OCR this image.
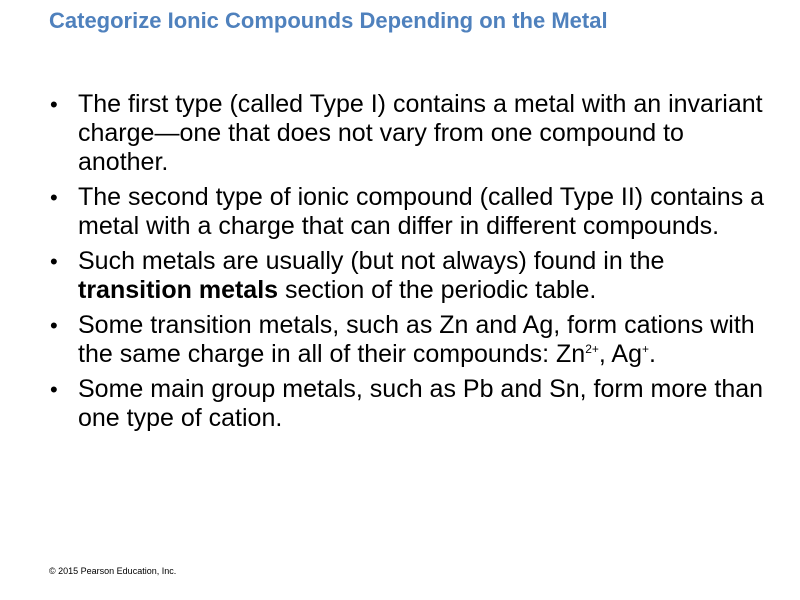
Categorize Ionic Compounds Depending on the Metal
• The first type (called Type I) contains a metal with an invariant charge—one that does not vary from one compound to another.
• The second type of ionic compound (called Type II) contains a metal with a charge that can differ in different compounds.
• Such metals are usually (but not always) found in the transition metals section of the periodic table.
• Some transition metals, such as Zn and Ag, form cations with the same charge in all of their compounds: $Zn^{2+}$, Ag+.
• Some main group metals, such as Pb and Sn, form more than one type of cation.
© 2015 Pearson Education, Inc.
